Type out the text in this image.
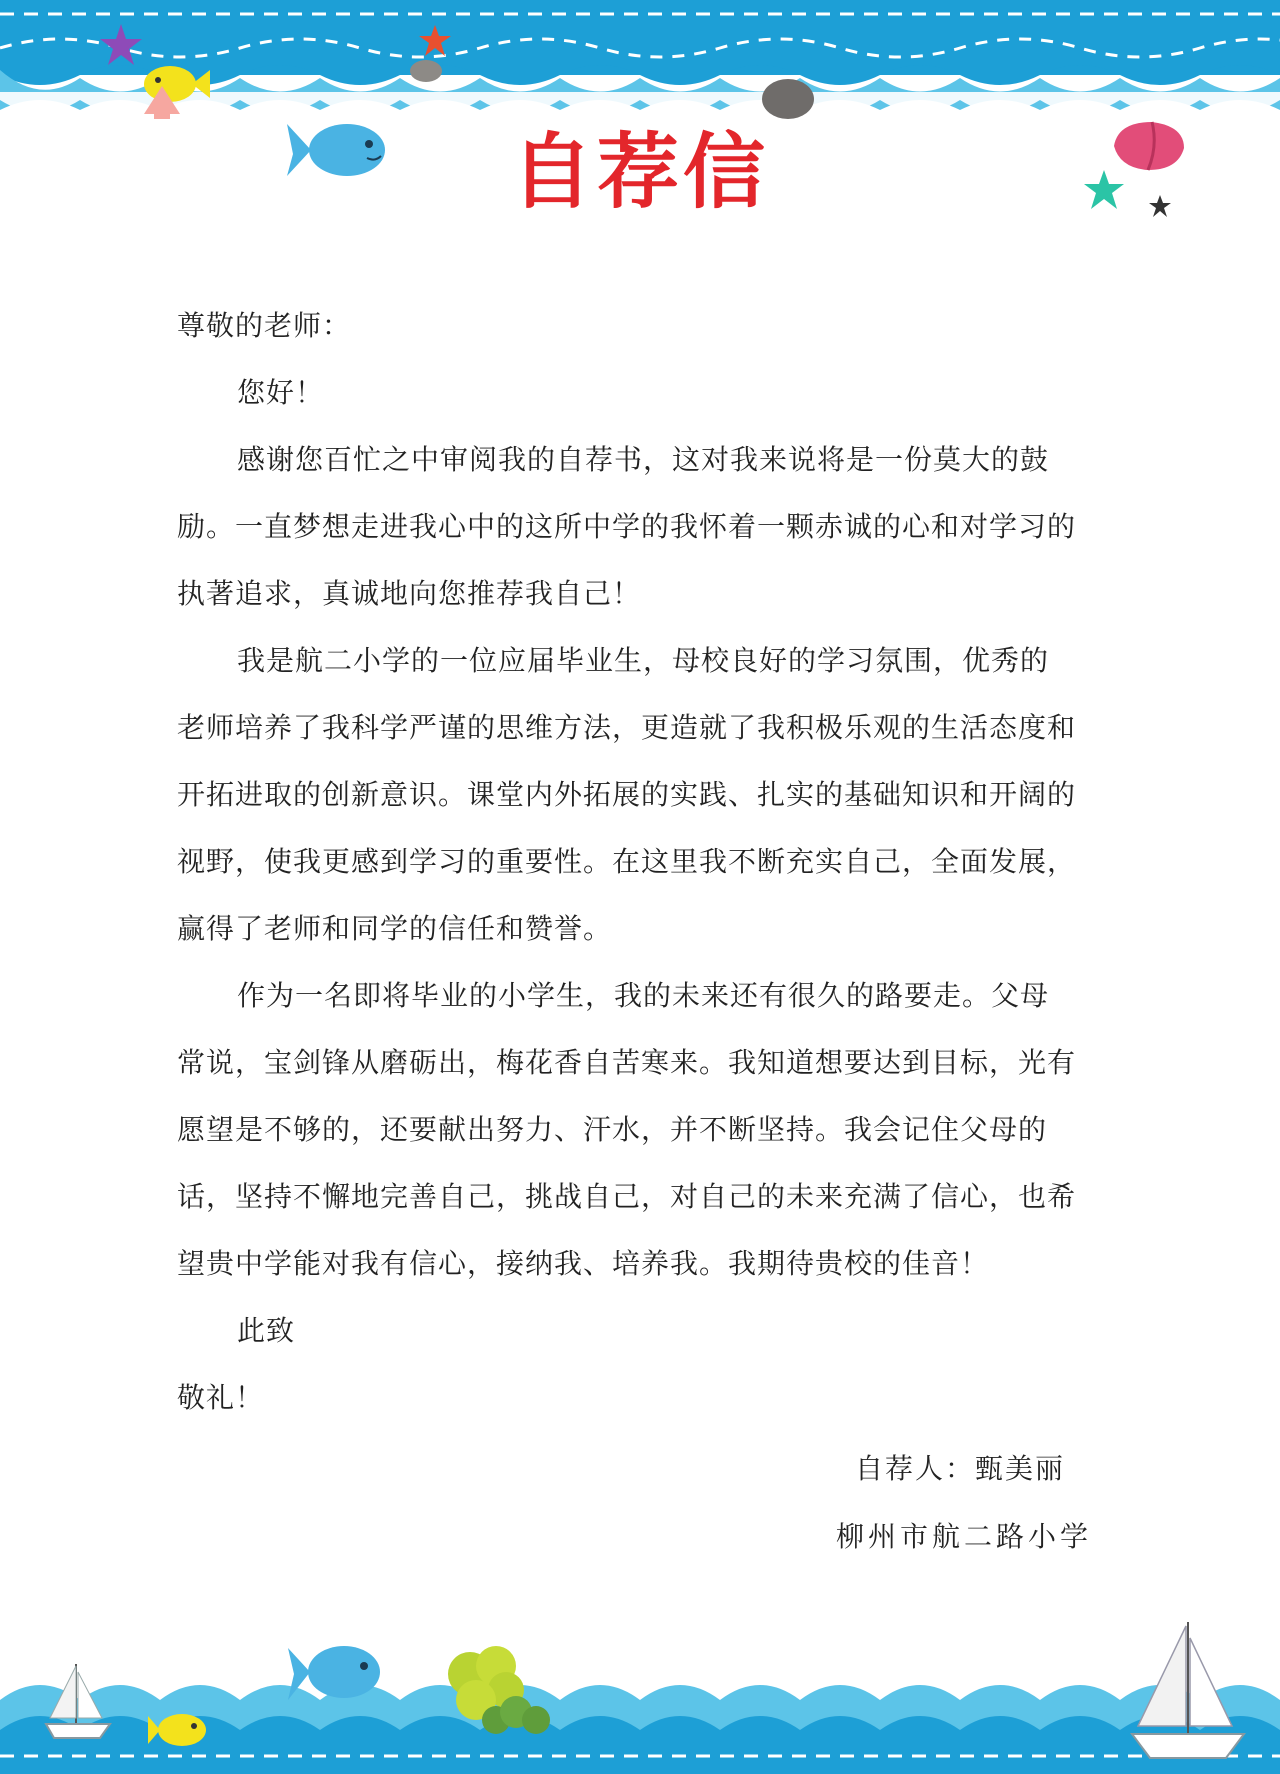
自荐信

尊敬的老师：

您好！

感谢您百忙之中审阅我的自荐书，这对我来说将是一份莫大的鼓励。一直梦想走进我心中的这所中学的我怀着一颗赤诚的心和对学习的执著追求，真诚地向您推荐我自己！

我是航二小学的一位应届毕业生，母校良好的学习氛围，优秀的老师培养了我科学严谨的思维方法，更造就了我积极乐观的生活态度和开拓进取的创新意识。课堂内外拓展的实践、扎实的基础知识和开阔的视野，使我更感到学习的重要性。在这里我不断充实自己，全面发展，赢得了老师和同学的信任和赞誉。

作为一名即将毕业的小学生，我的未来还有很久的路要走。父母常说，宝剑锋从磨砺出，梅花香自苦寒来。我知道想要达到目标，光有愿望是不够的，还要献出努力、汗水，并不断坚持。我会记住父母的话，坚持不懈地完善自己，挑战自己，对自己的未来充满了信心，也希望贵中学能对我有信心，接纳我、培养我。我期待贵校的佳音！

此致

敬礼！

自荐人：甄美丽
柳州市航二路小学
